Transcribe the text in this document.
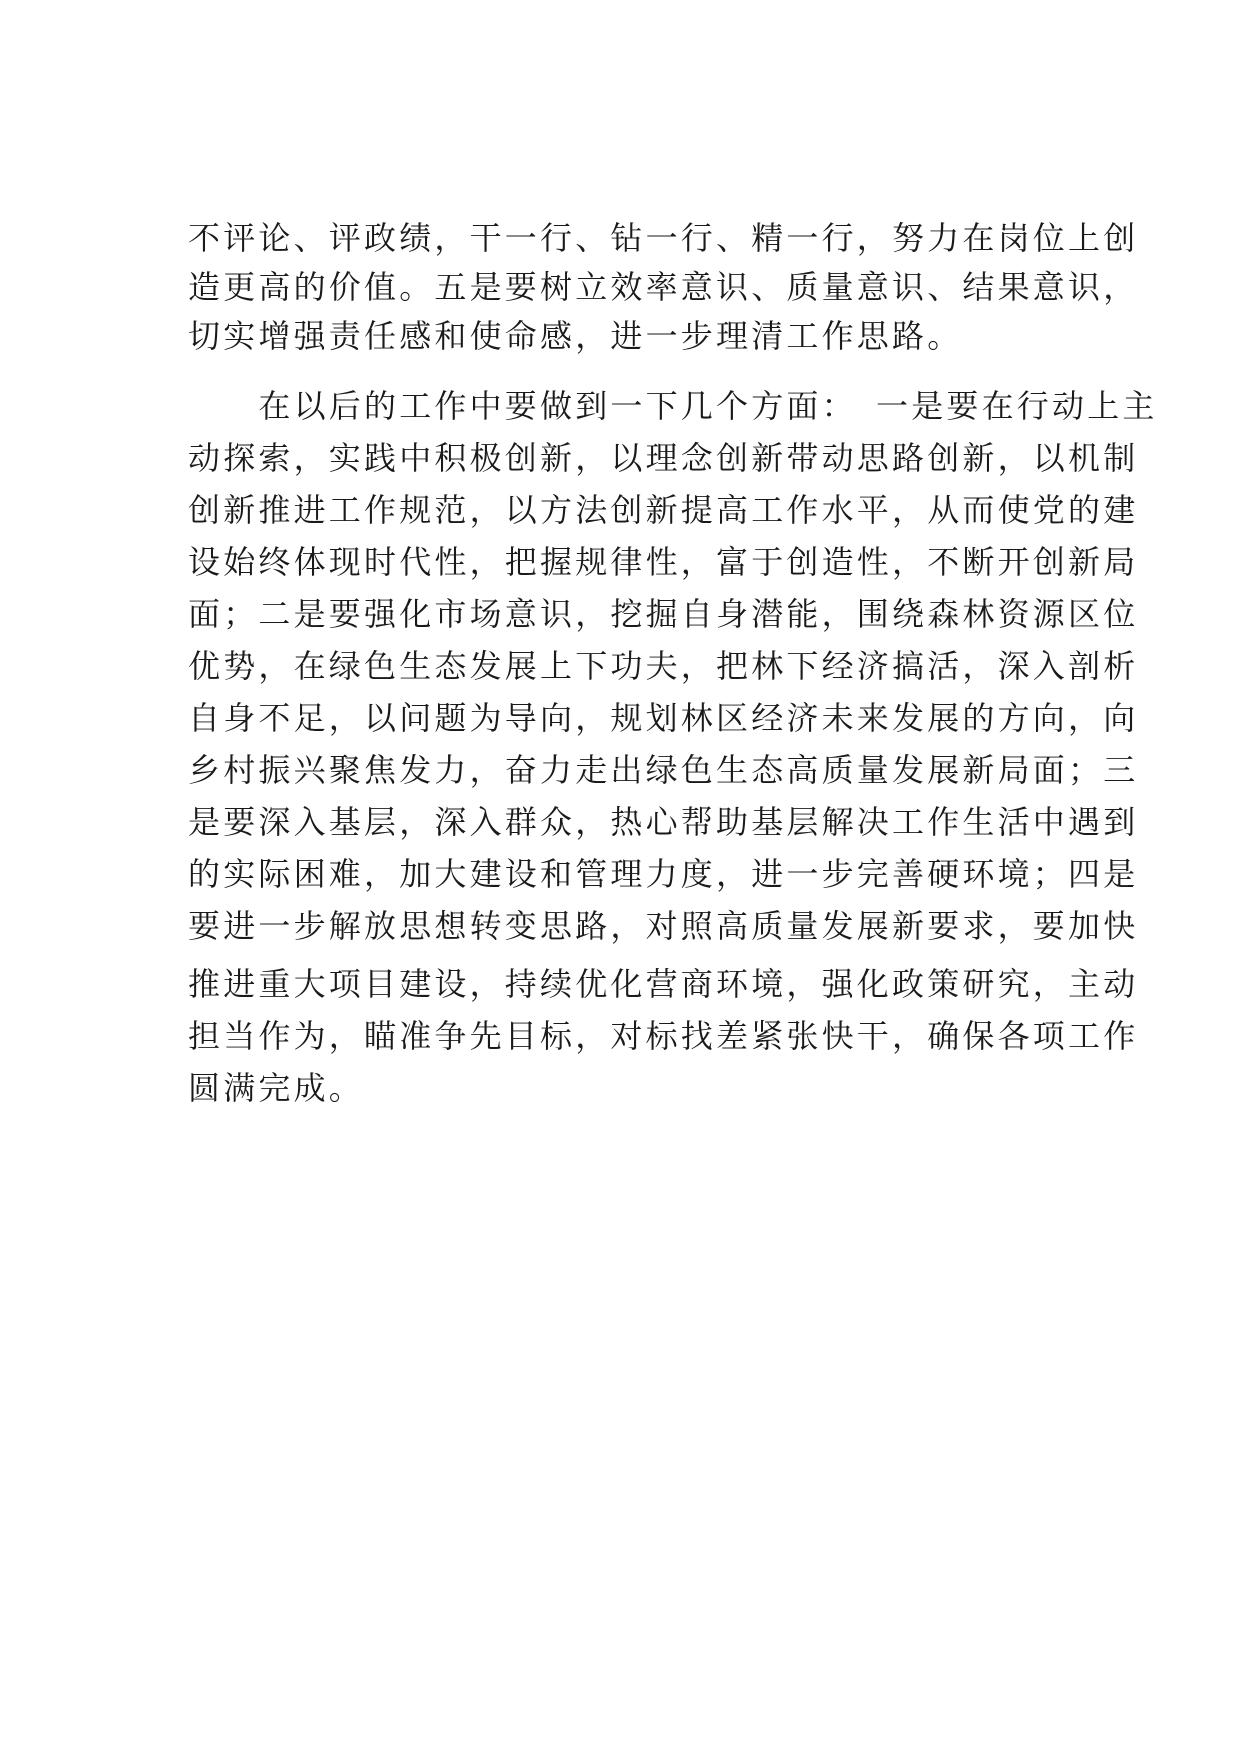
不评论、评政绩，干一行、钻一行、精一行，努力在岗位上创
造更高的价值。五是要树立效率意识、质量意识、结果意识，
切实增强责任感和使命感，进一步理清工作思路。
　　在以后的工作中要做到一下几个方面：　一是要在行动上主
动探索，实践中积极创新，以理念创新带动思路创新，以机制
创新推进工作规范，以方法创新提高工作水平，从而使党的建
设始终体现时代性，把握规律性，富于创造性，不断开创新局
面；二是要强化市场意识，挖掘自身潜能，围绕森林资源区位
优势，在绿色生态发展上下功夫，把林下经济搞活，深入剖析
自身不足，以问题为导向，规划林区经济未来发展的方向，向
乡村振兴聚焦发力，奋力走出绿色生态高质量发展新局面；三
是要深入基层，深入群众，热心帮助基层解决工作生活中遇到
的实际困难，加大建设和管理力度，进一步完善硬环境；四是
要进一步解放思想转变思路，对照高质量发展新要求，要加快
推进重大项目建设，持续优化营商环境，强化政策研究，主动
担当作为，瞄准争先目标，对标找差紧张快干，确保各项工作
圆满完成。
